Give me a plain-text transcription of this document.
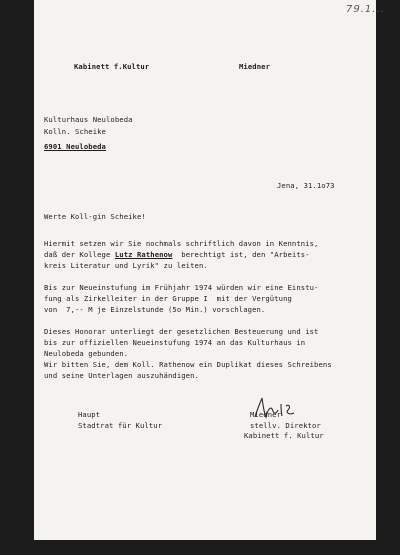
79.1...
Kabinett f.Kultur	Miedner
Kulturhaus Neulobeda
Kolln. Scheike
6901 Neulobeda
Jena, 31.1o73
Werte Koll-gin Scheike!
Hiermit setzen wir Sie nochmals schriftlich davon in Kenntnis,
daß der Kollege Lutz Rathenow  berechtigt ist, den "Arbeits-
kreis Literatur und Lyrik" zu leiten.
Bis zur Neueinstufung im Frühjahr 1974 würden wir eine Einstu-
fung als Zirkelleiter in der Gruppe I  mit der Vergütung
von  7,-- M je Einzelstunde (5o Min.) vorschlagen.
Dieses Honorar unterliegt der gesetzlichen Besteuerung und ist
bis zur offiziellen Neueinstufung 1974 an das Kulturhaus in
Neulobeda gebunden.
Wir bitten Sie, dem Koll. Rathenow ein Duplikat dieses Schreibens
und seine Unterlagen auszuhändigen.
Haupt
Stadtrat für Kultur
Miedner
stellv. Direktor
Kabinett f. Kultur
